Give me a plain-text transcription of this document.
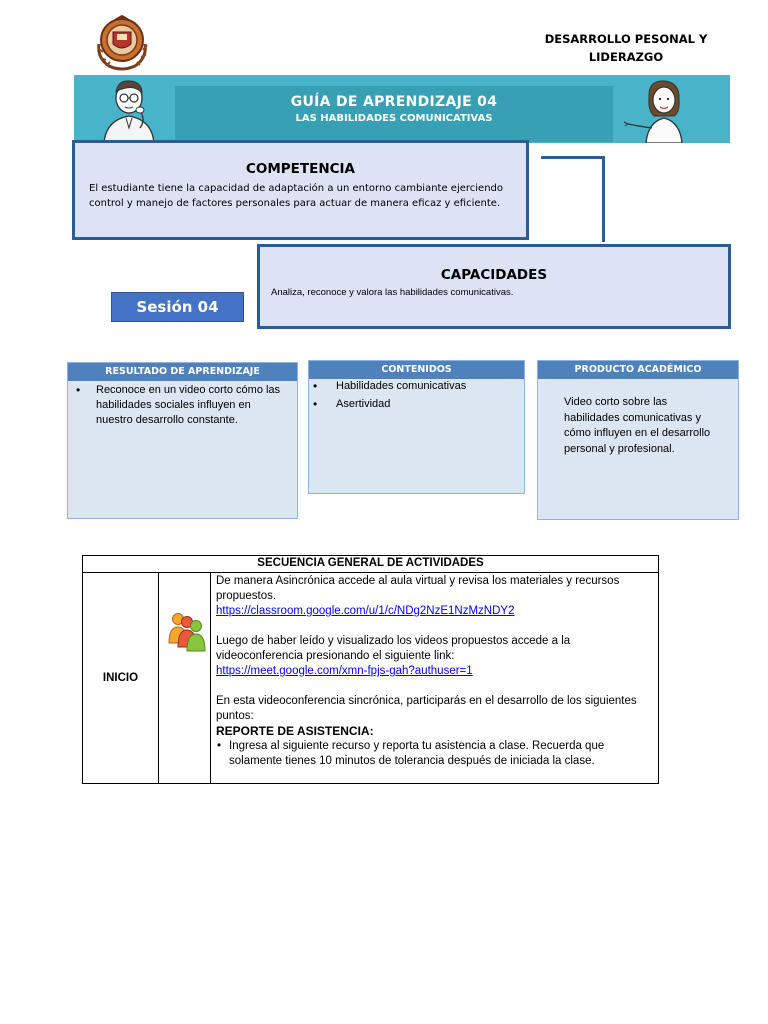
DESARROLLO PESONAL Y LIDERAZGO
GUÍA DE APRENDIZAJE 04
LAS HABILIDADES COMUNICATIVAS
COMPETENCIA
El estudiante tiene la capacidad de adaptación a un entorno cambiante ejerciendo control y manejo de factores personales para actuar de manera eficaz y eficiente.
CAPACIDADES
Analiza, reconoce y valora las habilidades comunicativas.
Sesión 04
RESULTADO DE APRENDIZAJE
• Reconoce en un video corto cómo las habilidades sociales influyen en nuestro desarrollo constante.
CONTENIDOS
• Habilidades comunicativas
• Asertividad
PRODUCTO ACADÉMICO
Video corto sobre las habilidades comunicativas y cómo influyen en el desarrollo personal y profesional.
SECUENCIA GENERAL DE ACTIVIDADES
INICIO	

De manera Asincrónica accede al aula virtual y revisa los materiales y recursos propuestos.
https://classroom.google.com/u/1/c/NDg2NzE1NzMzNDY2
Luego de haber leído y visualizado los videos propuestos accede a la videoconferencia presionando el siguiente link:
https://meet.google.com/xmn-fpjs-gah?authuser=1
En esta videoconferencia sincrónica, participarás en el desarrollo de los siguientes puntos:
REPORTE DE ASISTENCIA:
• Ingresa al siguiente recurso y reporta tu asistencia a clase. Recuerda que solamente tienes 10 minutos de tolerancia después de iniciada la clase.
